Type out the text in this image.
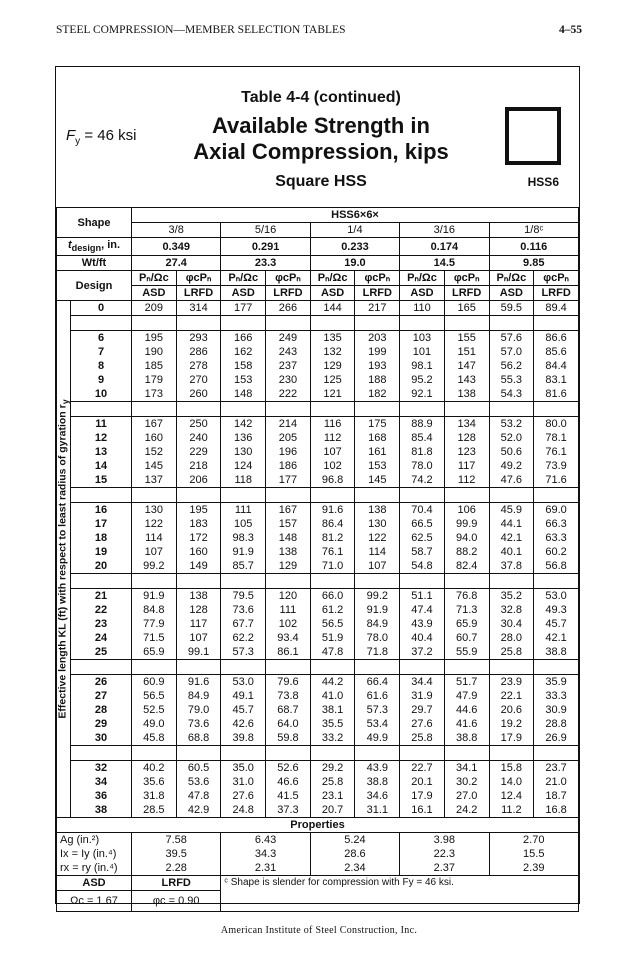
STEEL COMPRESSION—MEMBER SELECTION TABLES	4–55
$F_y = 46$ ksi
Table 4-4 (continued)
Available Strength in
Axial Compression, kips
Square HSS	HSS6
Shape		HSS6×6×									
		3/8		5/16		1/4		3/16		1/8ᶜ	
$t_{design}$, in.		0.349		0.291		0.233		0.174		0.116	
Wt/ft		27.4		23.3		19.0		14.5		9.85	
Design		Pₙ/Ωc	φcPₙ	Pₙ/Ωc	φcPₙ	Pₙ/Ωc	φcPₙ	Pₙ/Ωc	φcPₙ	Pₙ/Ωc	φcPₙ
		ASD	LRFD	ASD	LRFD	ASD	LRFD	ASD	LRFD	ASD	LRFD

Effective length KL (ft) with respect to least radius of gyration $r_y$	0	209	314	177	266	144	217	110	165	59.5	89.4

	6	195	293	166	249	135	203	103	155	57.6	86.6
	7	190	286	162	243	132	199	101	151	57.0	85.6
	8	185	278	158	237	129	193	98.1	147	56.2	84.4
	9	179	270	153	230	125	188	95.2	143	55.3	83.1
	10	173	260	148	222	121	182	92.1	138	54.3	81.6

	11	167	250	142	214	116	175	88.9	134	53.2	80.0
	12	160	240	136	205	112	168	85.4	128	52.0	78.1
	13	152	229	130	196	107	161	81.8	123	50.6	76.1
	14	145	218	124	186	102	153	78.0	117	49.2	73.9
	15	137	206	118	177	96.8	145	74.2	112	47.6	71.6

	16	130	195	111	167	91.6	138	70.4	106	45.9	69.0
	17	122	183	105	157	86.4	130	66.5	99.9	44.1	66.3
	18	114	172	98.3	148	81.2	122	62.5	94.0	42.1	63.3
	19	107	160	91.9	138	76.1	114	58.7	88.2	40.1	60.2
	20	99.2	149	85.7	129	71.0	107	54.8	82.4	37.8	56.8

	21	91.9	138	79.5	120	66.0	99.2	51.1	76.8	35.2	53.0
	22	84.8	128	73.6	111	61.2	91.9	47.4	71.3	32.8	49.3
	23	77.9	117	67.7	102	56.5	84.9	43.9	65.9	30.4	45.7
	24	71.5	107	62.2	93.4	51.9	78.0	40.4	60.7	28.0	42.1
	25	65.9	99.1	57.3	86.1	47.8	71.8	37.2	55.9	25.8	38.8

	26	60.9	91.6	53.0	79.6	44.2	66.4	34.4	51.7	23.9	35.9
	27	56.5	84.9	49.1	73.8	41.0	61.6	31.9	47.9	22.1	33.3
	28	52.5	79.0	45.7	68.7	38.1	57.3	29.7	44.6	20.6	30.9
	29	49.0	73.6	42.6	64.0	35.5	53.4	27.6	41.6	19.2	28.8
	30	45.8	68.8	39.8	59.8	33.2	49.9	25.8	38.8	17.9	26.9

	32	40.2	60.5	35.0	52.6	29.2	43.9	22.7	34.1	15.8	23.7
	34	35.6	53.6	31.0	46.6	25.8	38.8	20.1	30.2	14.0	21.0
	36	31.8	47.8	27.6	41.5	23.1	34.6	17.9	27.0	12.4	18.7
	38	28.5	42.9	24.8	37.3	20.7	31.1	16.1	24.2	11.2	16.8
Properties											
Ag (in.²)		7.58		6.43		5.24		3.98		2.70	
Ix = Iy (in.⁴)		39.5		34.3		28.6		22.3		15.5	
rx = ry (in.⁴)		2.28		2.31		2.34		2.37		2.39	
ASD		LRFD		ᶜ Shape is slender for compression with Fy = 46 ksi.							
Ωc = 1.67		φc = 0.90									
American Institute of Steel Construction, Inc.
